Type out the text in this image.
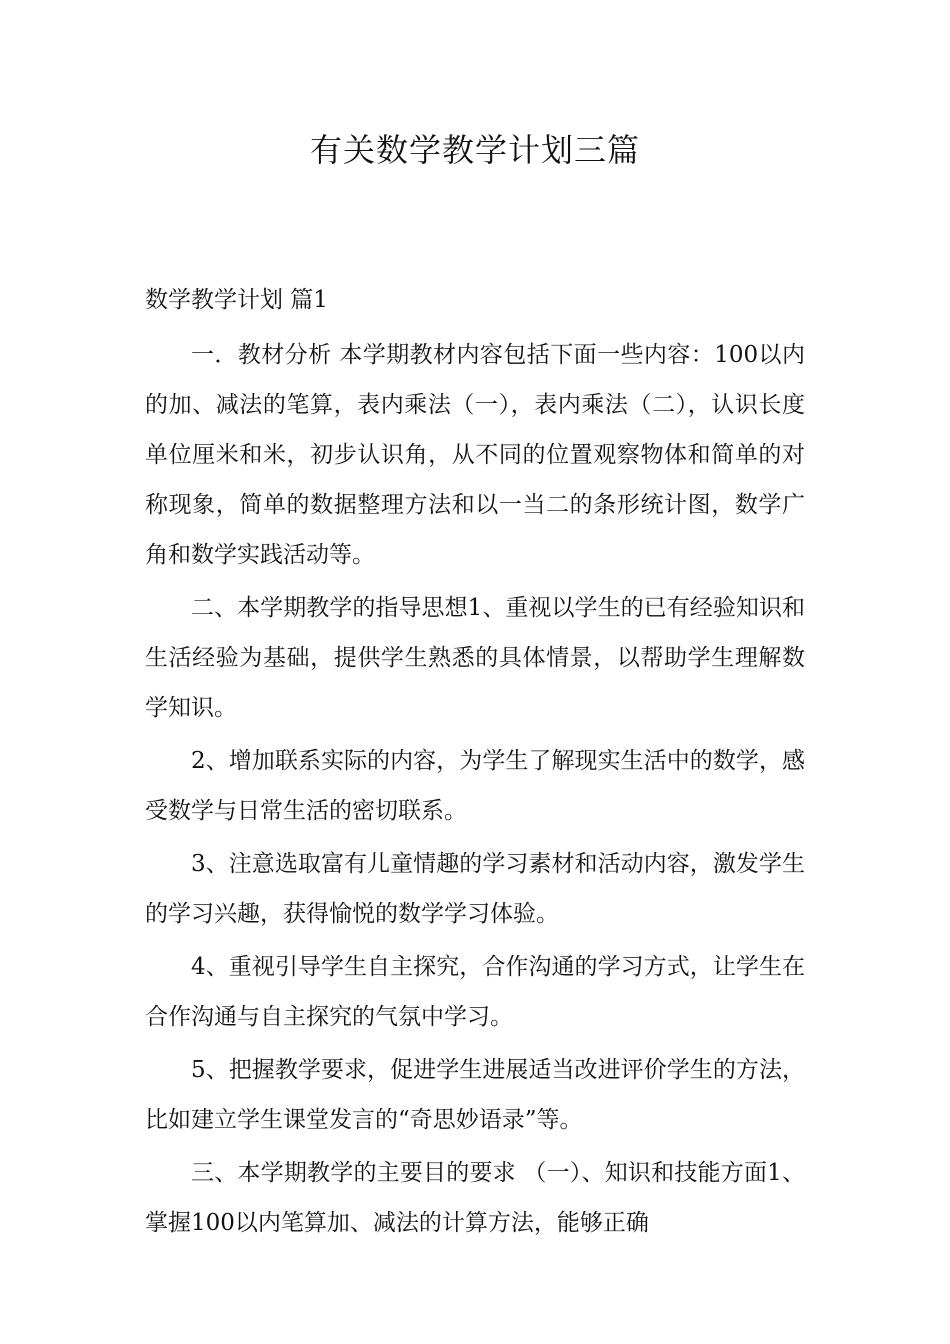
有关数学教学计划三篇
数学教学计划 篇1

一．教材分析 本学期教材内容包括下面一些内容：100以内的加、减法的笔算，表内乘法（一），表内乘法（二），认识长度单位厘米和米，初步认识角，从不同的位置观察物体和简单的对称现象，简单的数据整理方法和以一当二的条形统计图，数学广角和数学实践活动等。

二、本学期教学的指导思想1、重视以学生的已有经验知识和生活经验为基础，提供学生熟悉的具体情景，以帮助学生理解数学知识。

2、增加联系实际的内容，为学生了解现实生活中的数学，感受数学与日常生活的密切联系。

3、注意选取富有儿童情趣的学习素材和活动内容，激发学生的学习兴趣，获得愉悦的数学学习体验。

4、重视引导学生自主探究，合作沟通的学习方式，让学生在合作沟通与自主探究的气氛中学习。

5、把握教学要求，促进学生进展适当改进评价学生的方法，比如建立学生课堂发言的“奇思妙语录”等。

三、本学期教学的主要目的要求 （一）、知识和技能方面1、掌握100以内笔算加、减法的计算方法，能够正确
